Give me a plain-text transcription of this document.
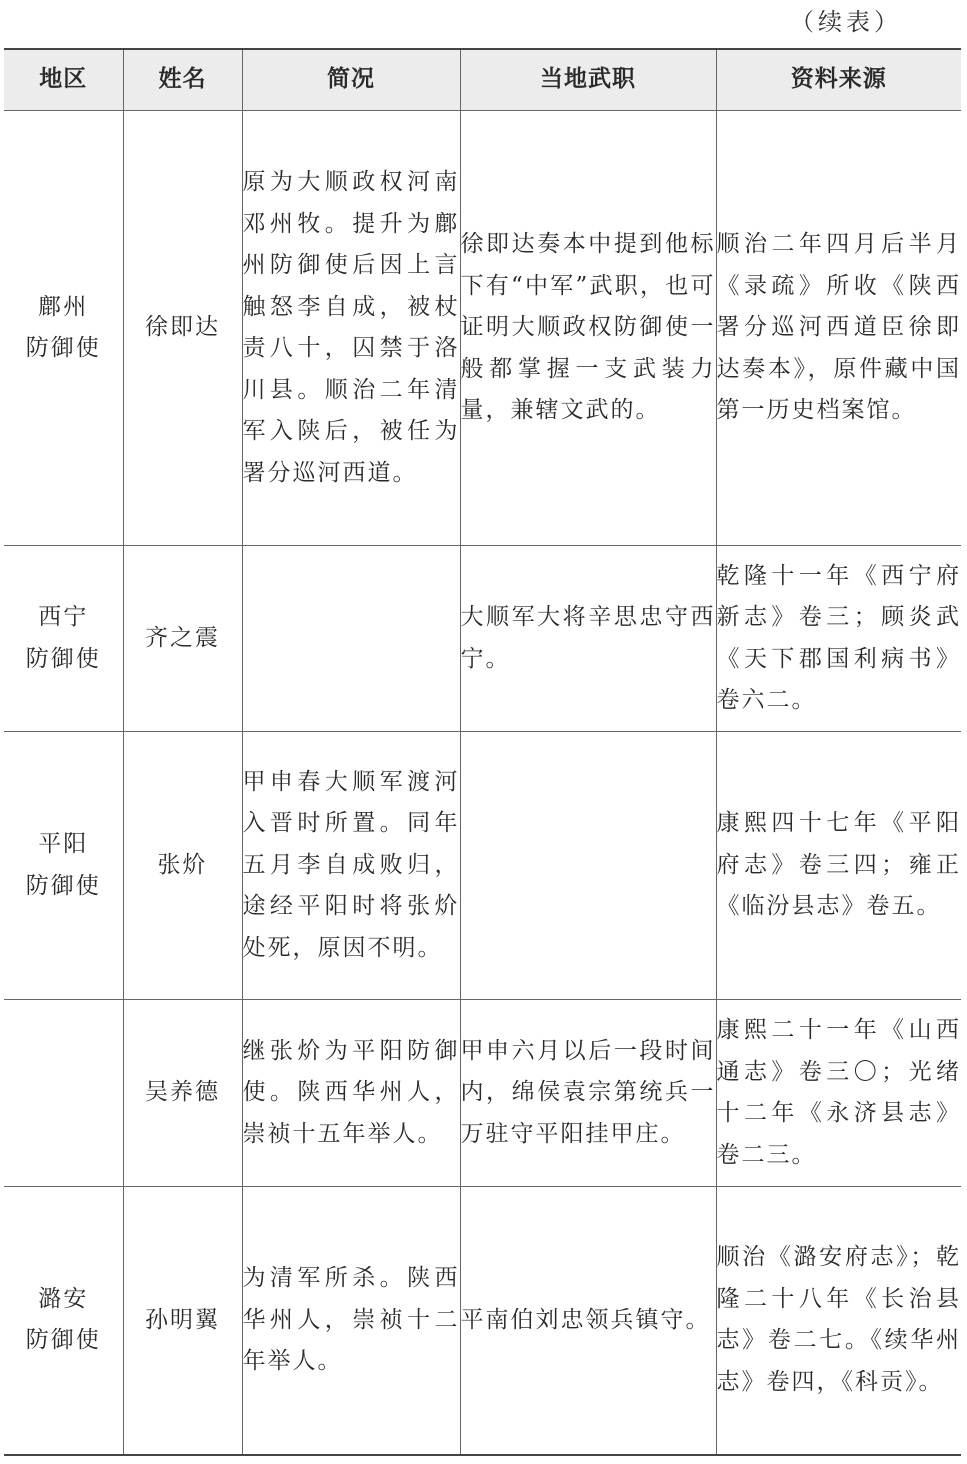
（续表）
地区	姓名	简况	当地武职	资料来源

鄜州
防御使	徐即达	原为大顺政权河南邓州牧。提升为鄜州防御使后因上言触怒李自成，被杖责八十，囚禁于洛川县。顺治二年清军入陕后，被任为署分巡河西道。	徐即达奏本中提到他标下有“中军”武职，也可证明大顺政权防御使一般都掌握一支武装力量，兼辖文武的。	顺治二年四月后半月《录疏》所收《陕西署分巡河西道臣徐即达奏本》，原件藏中国第一历史档案馆。

西宁
防御使	齐之震		大顺军大将辛思忠守西宁。	乾隆十一年《西宁府新志》卷三；顾炎武《天下郡国利病书》卷六二。

平阳
防御使	张炌	甲申春大顺军渡河入晋时所置。同年五月李自成败归，途经平阳时将张炌处死，原因不明。		康熙四十七年《平阳府志》卷三四；雍正《临汾县志》卷五。
	吴养德	继张炌为平阳防御使。陕西华州人，崇祯十五年举人。	甲申六月以后一段时间内，绵侯袁宗第统兵一万驻守平阳挂甲庄。	康熙二十一年《山西通志》卷三〇；光绪十二年《永济县志》卷二三。

潞安
防御使	孙明翼	为清军所杀。陕西华州人，崇祯十二年举人。	平南伯刘忠领兵镇守。	顺治《潞安府志》；乾隆二十八年《长治县志》卷二七。《续华州志》卷四，《科贡》。
